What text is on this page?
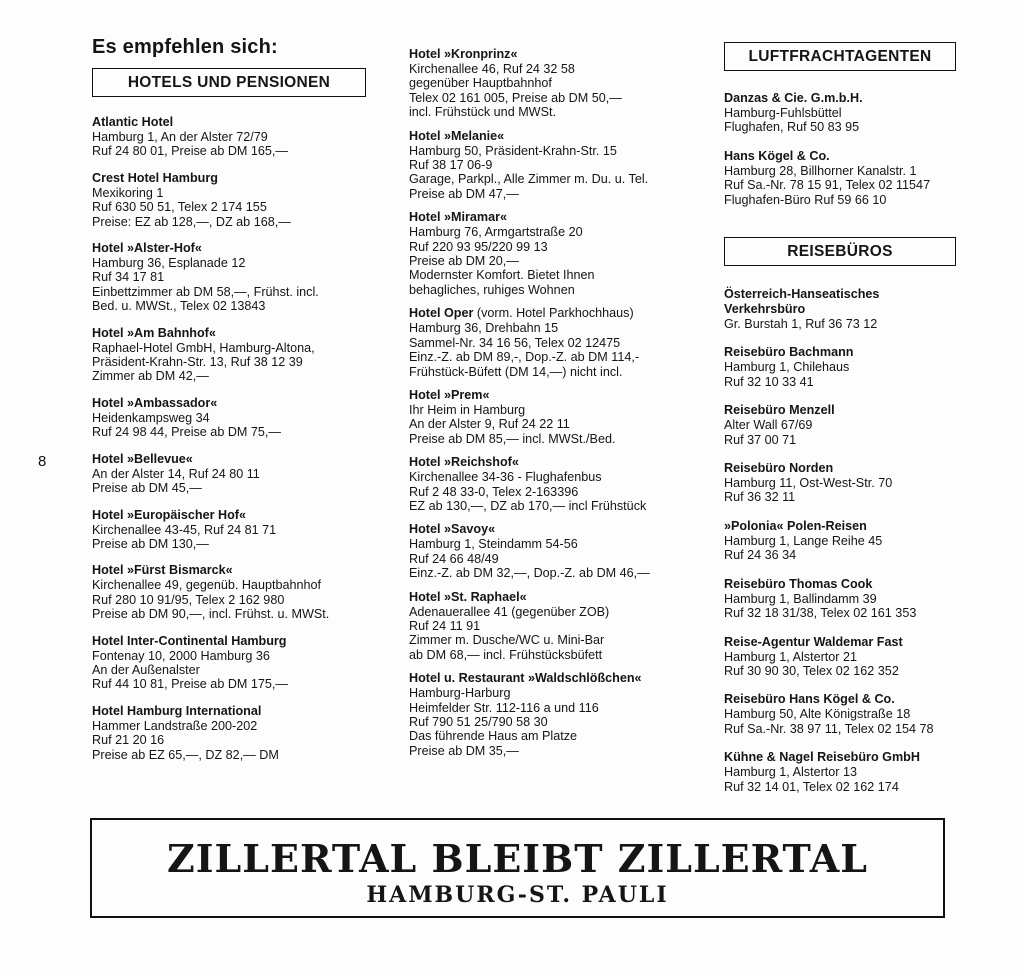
8
Es empfehlen sich:
HOTELS UND PENSIONEN
Atlantic Hotel
Hamburg 1, An der Alster 72/79
Ruf 24 80 01, Preise ab DM 165,—
Crest Hotel Hamburg
Mexikoring 1
Ruf 630 50 51, Telex 2 174 155
Preise: EZ ab 128,—, DZ ab 168,—
Hotel »Alster-Hof«
Hamburg 36, Esplanade 12
Ruf 34 17 81
Einbettzimmer ab DM 58,—, Frühst. incl.
Bed. u. MWSt., Telex 02 13843
Hotel »Am Bahnhof«
Raphael-Hotel GmbH, Hamburg-Altona,
Präsident-Krahn-Str. 13, Ruf 38 12 39
Zimmer ab DM 42,—
Hotel »Ambassador«
Heidenkampsweg 34
Ruf 24 98 44, Preise ab DM 75,—
Hotel »Bellevue«
An der Alster 14, Ruf 24 80 11
Preise ab DM 45,—
Hotel »Europäischer Hof«
Kirchenallee 43-45, Ruf 24 81 71
Preise ab DM 130,—
Hotel »Fürst Bismarck«
Kirchenallee 49, gegenüb. Hauptbahnhof
Ruf 280 10 91/95, Telex 2 162 980
Preise ab DM 90,—, incl. Frühst. u. MWSt.
Hotel Inter-Continental Hamburg
Fontenay 10, 2000 Hamburg 36
An der Außenalster
Ruf 44 10 81, Preise ab DM 175,—
Hotel Hamburg International
Hammer Landstraße 200-202
Ruf 21 20 16
Preise ab EZ 65,—, DZ 82,— DM
Hotel »Kronprinz«
Kirchenallee 46, Ruf 24 32 58
gegenüber Hauptbahnhof
Telex 02 161 005, Preise ab DM 50,—
incl. Frühstück und MWSt.
Hotel »Melanie«
Hamburg 50, Präsident-Krahn-Str. 15
Ruf 38 17 06-9
Garage, Parkpl., Alle Zimmer m. Du. u. Tel.
Preise ab DM 47,—
Hotel »Miramar«
Hamburg 76, Armgartstraße 20
Ruf 220 93 95/220 99 13
Preise ab DM 20,—
Modernster Komfort. Bietet Ihnen
behagliches, ruhiges Wohnen
Hotel Oper (vorm. Hotel Parkhochhaus)
Hamburg 36, Drehbahn 15
Sammel-Nr. 34 16 56, Telex 02 12475
Einz.-Z. ab DM 89,-, Dop.-Z. ab DM 114,-
Frühstück-Büfett (DM 14,—) nicht incl.
Hotel »Prem«
Ihr Heim in Hamburg
An der Alster 9, Ruf 24 22 11
Preise ab DM 85,— incl. MWSt./Bed.
Hotel »Reichshof«
Kirchenallee 34-36 - Flughafenbus
Ruf 2 48 33-0, Telex 2-163396
EZ ab 130,—, DZ ab 170,— incl Frühstück
Hotel »Savoy«
Hamburg 1, Steindamm 54-56
Ruf 24 66 48/49
Einz.-Z. ab DM 32,—, Dop.-Z. ab DM 46,—
Hotel »St. Raphael«
Adenauerallee 41 (gegenüber ZOB)
Ruf 24 11 91
Zimmer m. Dusche/WC u. Mini-Bar
ab DM 68,— incl. Frühstücksbüfett
Hotel u. Restaurant »Waldschlößchen«
Hamburg-Harburg
Heimfelder Str. 112-116 a und 116
Ruf 790 51 25/790 58 30
Das führende Haus am Platze
Preise ab DM 35,—
LUFTFRACHTAGENTEN
Danzas & Cie. G.m.b.H.
Hamburg-Fuhlsbüttel
Flughafen, Ruf 50 83 95
Hans Kögel & Co.
Hamburg 28, Billhorner Kanalstr. 1
Ruf Sa.-Nr. 78 15 91, Telex 02 11547
Flughafen-Büro Ruf 59 66 10
REISEBÜROS
Österreich-Hanseatisches Verkehrsbüro
Gr. Burstah 1, Ruf 36 73 12
Reisebüro Bachmann
Hamburg 1, Chilehaus
Ruf 32 10 33 41
Reisebüro Menzell
Alter Wall 67/69
Ruf 37 00 71
Reisebüro Norden
Hamburg 11, Ost-West-Str. 70
Ruf 36 32 11
»Polonia« Polen-Reisen
Hamburg 1, Lange Reihe 45
Ruf 24 36 34
Reisebüro Thomas Cook
Hamburg 1, Ballindamm 39
Ruf 32 18 31/38, Telex 02 161 353
Reise-Agentur Waldemar Fast
Hamburg 1, Alstertor 21
Ruf 30 90 30, Telex 02 162 352
Reisebüro Hans Kögel & Co.
Hamburg 50, Alte Königstraße 18
Ruf Sa.-Nr. 38 97 11, Telex 02 154 78
Kühne & Nagel Reisebüro GmbH
Hamburg 1, Alstertor 13
Ruf 32 14 01, Telex 02 162 174
ZILLERTAL BLEIBT ZILLERTAL
HAMBURG-ST. PAULI
